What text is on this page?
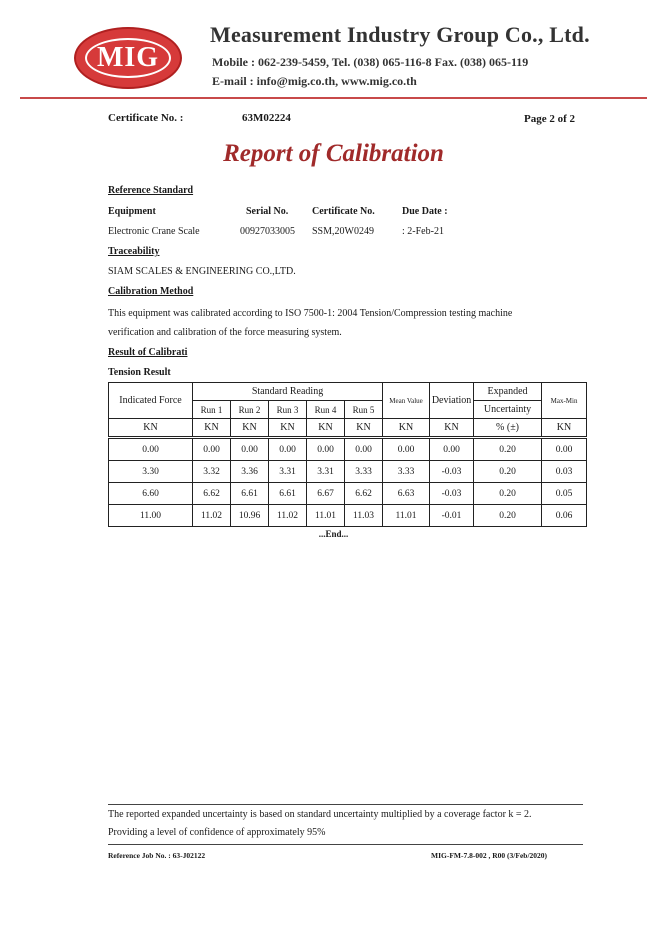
MIG
Measurement Industry Group Co., Ltd.
Mobile : 062-239-5459, Tel. (038) 065-116-8 Fax. (038) 065-119
E-mail : info@mig.co.th, www.mig.co.th
Certificate No. :	63M02224	Page 2 of 2
Report of Calibration
Reference Standard
Equipment	Serial No. Certificate No.	Due Date :
Electronic Crane Scale	00927033005 SSM,20W0249	: 2-Feb-21
Traceability
SIAM SCALES & ENGINEERING CO.,LTD.
Calibration Method
This equipment was calibrated according to ISO 7500-1: 2004 Tension/Compression testing machine
verification and calibration of the force measuring system.
Result of Calibrati
Tension Result
Indicated Force	Standard Reading					Mean Value	Deviation	Expanded	Max-Min
	Run 1	Run 2	Run 3	Run 4	Run 5			Uncertainty	
KN	KN	KN	KN	KN	KN	KN	KN	% (±)	KN
0.00	0.00	0.00	0.00	0.00	0.00	0.00	0.00	0.20	0.00
3.30	3.32	3.36	3.31	3.31	3.33	3.33	-0.03	0.20	0.03
6.60	6.62	6.61	6.61	6.67	6.62	6.63	-0.03	0.20	0.05
11.00	11.02	10.96	11.02	11.01	11.03	11.01	-0.01	0.20	0.06
...End...
The reported expanded uncertainty is based on standard uncertainty multiplied by a coverage factor k = 2.
Providing a level of confidence of approximately 95%
Reference Job No. : 63-J02122	MIG-FM-7.8-002 , R00 (3/Feb/2020)
